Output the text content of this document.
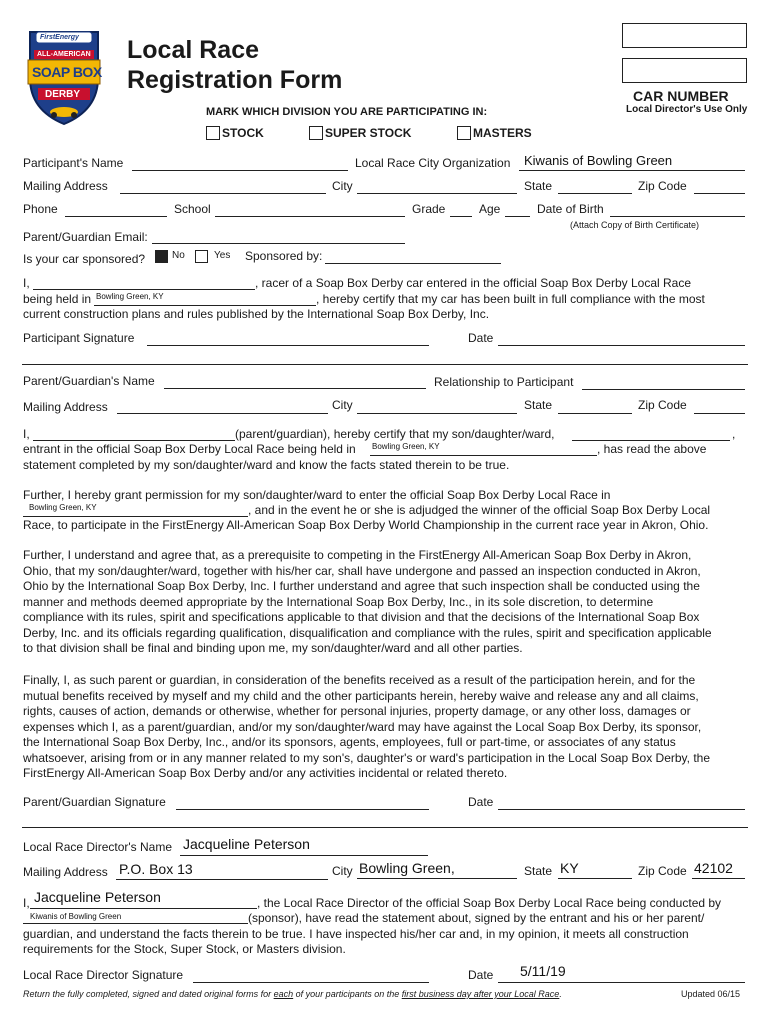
FirstEnergy
ALL-AMERICAN
SOAP BOX
DERBY
Local Race
Registration Form
CAR NUMBER
Local Director's Use Only
MARK WHICH DIVISION YOU ARE PARTICIPATING IN:
STOCK	SUPER STOCK	MASTERS
Participant's Name	Local Race City Organization Kiwanis of Bowling Green
Mailing Address	City	State	Zip Code
Phone	School	Grade	Age	Date of Birth
(Attach Copy of Birth Certificate)
Parent/Guardian Email:
Is your car sponsored?	No	Yes Sponsored by:
I,	, racer of a Soap Box Derby car entered in the official Soap Box Derby Local Race
being held in Bowling Green, KY	, hereby certify that my car has been built in full compliance with the most
current construction plans and rules published by the International Soap Box Derby, Inc.
Participant Signature	Date
Parent/Guardian's Name	Relationship to Participant
Mailing Address	City	State	Zip Code
I,	(parent/guardian), hereby certify that my son/daughter/ward,	,
entrant in the official Soap Box Derby Local Race being held in Bowling Green, KY	, has read the above
statement completed by my son/daughter/ward and know the facts stated therein to be true.
Further, I hereby grant permission for my son/daughter/ward to enter the official Soap Box Derby Local Race in
Bowling Green, KY	, and in the event he or she is adjudged the winner of the official Soap Box Derby Local
Race, to participate in the FirstEnergy All-American Soap Box Derby World Championship in the current race year in Akron, Ohio.
Further, I understand and agree that, as a prerequisite to competing in the FirstEnergy All-American Soap Box Derby in Akron,
Ohio, that my son/daughter/ward, together with his/her car, shall have undergone and passed an inspection conducted in Akron,
Ohio by the International Soap Box Derby, Inc. I further understand and agree that such inspection shall be conducted using the
manner and methods deemed appropriate by the International Soap Box Derby, Inc., in its sole discretion, to determine
compliance with its rules, spirit and specifications applicable to that division and that the decisions of the International Soap Box
Derby, Inc. and its officials regarding qualification, disqualification and compliance with the rules, spirit and specification applicable
to that division shall be final and binding upon me, my son/daughter/ward and all other parties.
Finally, I, as such parent or guardian, in consideration of the benefits received as a result of the participation herein, and for the
mutual benefits received by myself and my child and the other participants herein, hereby waive and release any and all claims,
rights, causes of action, demands or otherwise, whether for personal injuries, property damage, or any other loss, damages or
expenses which I, as a parent/guardian, and/or my son/daughter/ward may have against the Local Soap Box Derby, its sponsor,
the International Soap Box Derby, Inc., and/or its sponsors, agents, employees, full or part-time, or associates of any status
whatsoever, arising from or in any manner related to my son's, daughter's or ward's participation in the Local Soap Box Derby, the
FirstEnergy All-American Soap Box Derby and/or any activities incidental or related thereto.
Parent/Guardian Signature	Date
Local Race Director's Name Jacqueline Peterson
Mailing Address P.O. Box 13	City Bowling Green,	State KY	Zip Code 42102
I, Jacqueline Peterson	, the Local Race Director of the official Soap Box Derby Local Race being conducted by
Kiwanis of Bowling Green	(sponsor), have read the statement about, signed by the entrant and his or her parent/
guardian, and understand the facts therein to be true. I have inspected his/her car and, in my opinion, it meets all construction
requirements for the Stock, Super Stock, or Masters division.
Local Race Director Signature	Date 5/11/19
Return the fully completed, signed and dated original forms for each of your participants on the first business day after your Local Race.	Updated 06/15
